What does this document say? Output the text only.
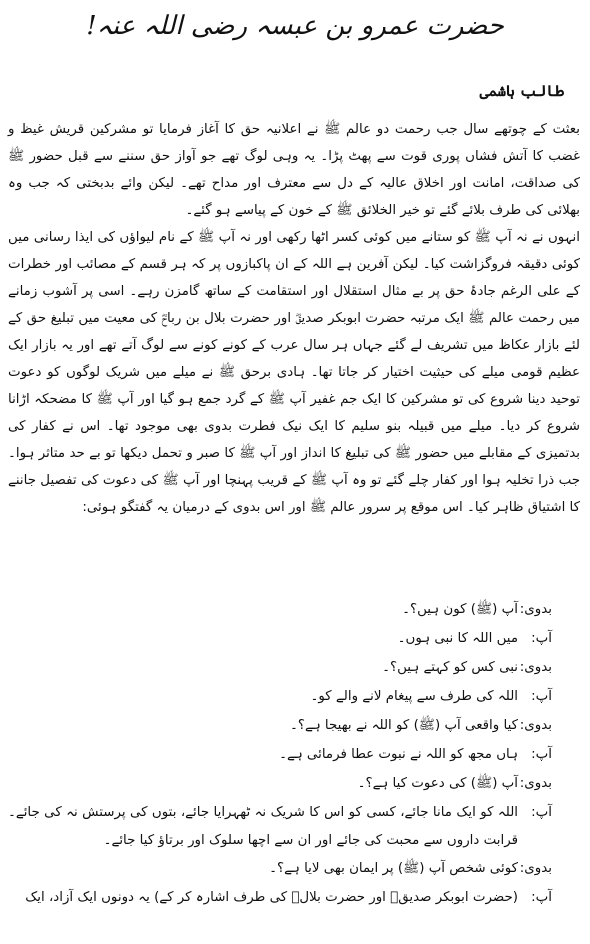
حضرت عمرو بن عبسہ رضی اللہ عنہ!
طالب ہاشمی

بعثت کے چوتھے سال جب رحمت دو عالم ﷺ نے اعلانیہ حق کا آغاز فرمایا تو مشرکین قریش غیظ و غضب کا آتش فشاں پوری قوت سے پھٹ پڑا۔ یہ وہی لوگ تھے جو آواز حق سننے سے قبل حضور ﷺ کی صداقت، امانت اور اخلاق عالیہ کے دل سے معترف اور مداح تھے۔ لیکن وائے بدبختی کہ جب وہ بھلائی کی طرف بلائے گئے تو خیر الخلائق ﷺ کے خون کے پیاسے ہو گئے۔

انہوں نے نہ آپ ﷺ کو ستانے میں کوئی کسر اٹھا رکھی اور نہ آپ ﷺ کے نام لیواؤں کی ایذا رسانی میں کوئی دقیقہ فروگزاشت کیا۔ لیکن آفرین ہے اللہ کے ان پاکبازوں پر کہ ہر قسم کے مصائب اور خطرات کے علی الرغم جادۂ حق پر بے مثال استقلال اور استقامت کے ساتھ گامزن رہے۔ اسی پر آشوب زمانے میں رحمت عالم ﷺ ایک مرتبہ حضرت ابوبکر صدیقؓ اور حضرت بلال بن رباحؓ کی معیت میں تبلیغ حق کے لئے بازار عکاظ میں تشریف لے گئے جہاں ہر سال عرب کے کونے کونے سے لوگ آتے تھے اور یہ بازار ایک عظیم قومی میلے کی حیثیت اختیار کر جاتا تھا۔ ہادی برحق ﷺ نے میلے میں شریک لوگوں کو دعوت توحید دینا شروع کی تو مشرکین کا ایک جم غفیر آپ ﷺ کے گرد جمع ہو گیا اور آپ ﷺ کا مضحکہ اڑانا شروع کر دیا۔ میلے میں قبیلہ بنو سلیم کا ایک نیک فطرت بدوی بھی موجود تھا۔ اس نے کفار کی بدتمیزی کے مقابلے میں حضور ﷺ کی تبلیغ کا انداز اور آپ ﷺ کا صبر و تحمل دیکھا تو بے حد متاثر ہوا۔ جب ذرا تخلیہ ہوا اور کفار چلے گئے تو وہ آپ ﷺ کے قریب پہنچا اور آپ ﷺ کی دعوت کی تفصیل جاننے کا اشتیاق ظاہر کیا۔ اس موقع پر سرور عالم ﷺ اور اس بدوی کے درمیان یہ گفتگو ہوئی:

بدوی:
آپ (ﷺ) کون ہیں؟۔
آپ:
میں اللہ کا نبی ہوں۔
بدوی:
نبی کس کو کہتے ہیں؟۔
آپ:
اللہ کی طرف سے پیغام لانے والے کو۔
بدوی:
کیا واقعی آپ (ﷺ) کو اللہ نے بھیجا ہے؟۔
آپ:
ہاں مجھ کو اللہ نے نبوت عطا فرمائی ہے۔
بدوی:
آپ (ﷺ) کی دعوت کیا ہے؟۔
آپ:
اللہ کو ایک مانا جائے، کسی کو اس کا شریک نہ ٹھہرایا جائے، بتوں کی پرستش نہ کی جائے۔ قرابت داروں سے محبت کی جائے اور ان سے اچھا سلوک اور برتاؤ کیا جائے۔
بدوی:
کوئی شخص آپ (ﷺ) پر ایمان بھی لایا ہے؟۔
آپ:
(حضرت ابوبکر صدیقؓ اور حضرت بلالؓ کی طرف اشارہ کر کے) یہ دونوں ایک آزاد، ایک
